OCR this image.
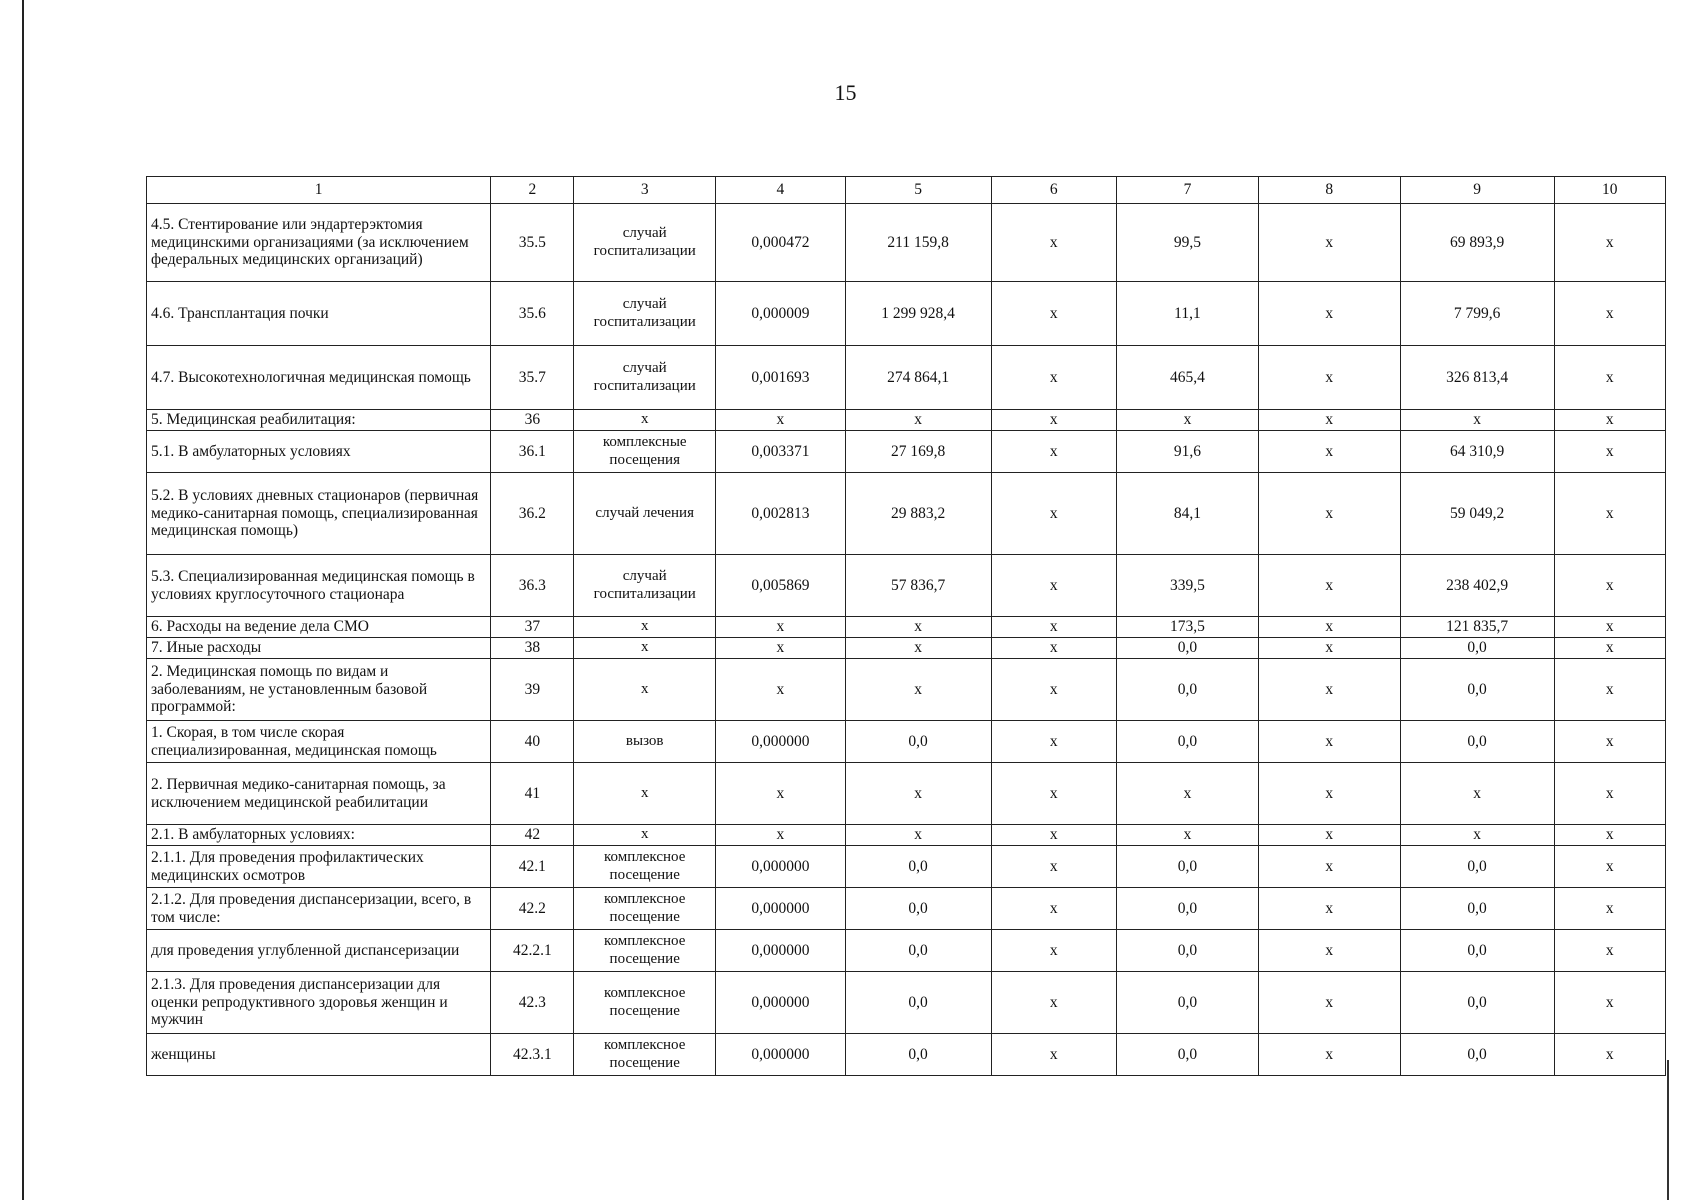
15
1	2	3	4	5	6	7	8	9	10
4.5. Стентирование или эндартерэктомия медицинскими организациями (за исключением федеральных медицинских организаций)	35.5	случай госпитализации	0,000472	211 159,8	x	99,5	x	69 893,9	x
4.6. Трансплантация почки	35.6	случай госпитализации	0,000009	1 299 928,4	x	11,1	x	7 799,6	x
4.7. Высокотехнологичная медицинская помощь	35.7	случай госпитализации	0,001693	274 864,1	x	465,4	x	326 813,4	x
5. Медицинская реабилитация:	36	x	x	x	x	x	x	x	x
5.1. В амбулаторных условиях	36.1	комплексные посещения	0,003371	27 169,8	x	91,6	x	64 310,9	x
5.2. В условиях дневных стационаров (первичная медико-санитарная помощь, специализированная медицинская помощь)	36.2	случай лечения	0,002813	29 883,2	x	84,1	x	59 049,2	x
5.3. Специализированная медицинская помощь в условиях круглосуточного стационара	36.3	случай госпитализации	0,005869	57 836,7	x	339,5	x	238 402,9	x
6. Расходы на ведение дела СМО	37	x	x	x	x	173,5	x	121 835,7	x
7. Иные расходы	38	x	x	x	x	0,0	x	0,0	x
2. Медицинская помощь по видам и заболеваниям, не установленным базовой программой:	39	x	x	x	x	0,0	x	0,0	x
1. Скорая, в том числе скорая специализированная, медицинская помощь	40	вызов	0,000000	0,0	x	0,0	x	0,0	x
2. Первичная медико-санитарная помощь, за исключением медицинской реабилитации	41	x	x	x	x	x	x	x	x
2.1. В амбулаторных условиях:	42	x	x	x	x	x	x	x	x
2.1.1. Для проведения профилактических медицинских осмотров	42.1	комплексное посещение	0,000000	0,0	x	0,0	x	0,0	x
2.1.2. Для проведения диспансеризации, всего, в том числе:	42.2	комплексное посещение	0,000000	0,0	x	0,0	x	0,0	x
для проведения углубленной диспансеризации	42.2.1	комплексное посещение	0,000000	0,0	x	0,0	x	0,0	x
2.1.3. Для проведения диспансеризации для оценки репродуктивного здоровья женщин и мужчин	42.3	комплексное посещение	0,000000	0,0	x	0,0	x	0,0	x
женщины	42.3.1	комплексное посещение	0,000000	0,0	x	0,0	x	0,0	x
